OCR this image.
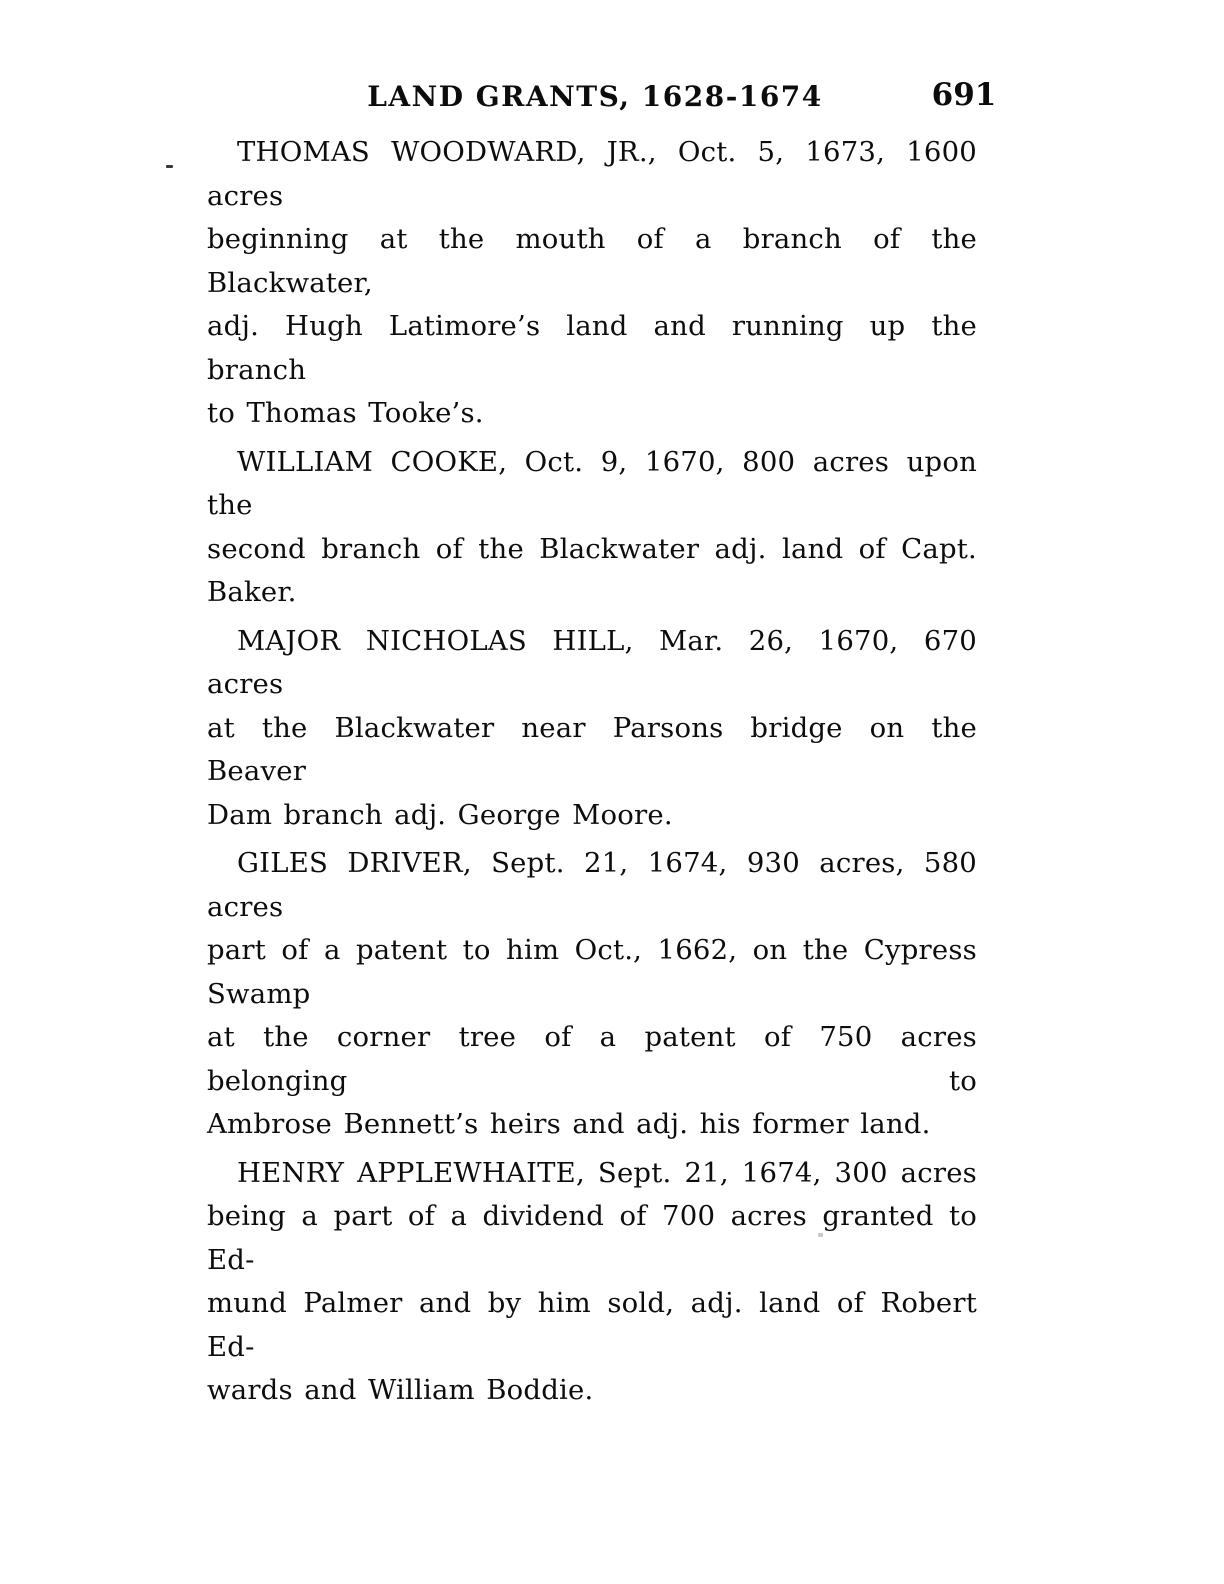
LAND GRANTS, 1628-1674	691
THOMAS WOODWARD, JR., Oct. 5, 1673, 1600 acres
beginning at the mouth of a branch of the Blackwater,
adj. Hugh Latimore’s land and running up the branch
to Thomas Tooke’s.
WILLIAM COOKE, Oct. 9, 1670, 800 acres upon the
second branch of the Blackwater adj. land of Capt.
Baker.
MAJOR NICHOLAS HILL, Mar. 26, 1670, 670 acres
at the Blackwater near Parsons bridge on the Beaver
Dam branch adj. George Moore.
GILES DRIVER, Sept. 21, 1674, 930 acres, 580 acres
part of a patent to him Oct., 1662, on the Cypress Swamp
at the corner tree of a patent of 750 acres belonging to
Ambrose Bennett’s heirs and adj. his former land.
HENRY APPLEWHAITE, Sept. 21, 1674, 300 acres
being a part of a dividend of 700 acres granted to Ed-
mund Palmer and by him sold, adj. land of Robert Ed-
wards and William Boddie.
